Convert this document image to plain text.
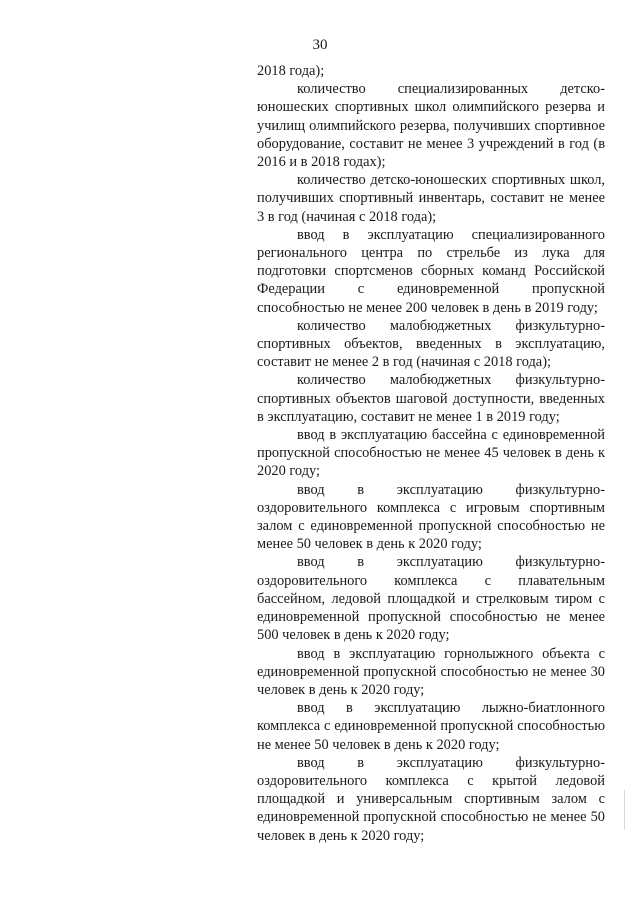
30

2018 года);

количество специализированных детско-юношеских спортивных школ олимпийского резерва и училищ олимпийского резерва, получивших спортивное оборудование, составит не менее 3 учреждений в год (в 2016 и в 2018 годах);

количество детско-юношеских спортивных школ, получивших спортивный инвентарь, составит не менее 3 в год (начиная с 2018 года);

ввод в эксплуатацию специализированного регионального центра по стрельбе из лука для подготовки спортсменов сборных команд Российской Федерации с единовременной пропускной способностью не менее 200 человек в день в 2019 году;

количество малобюджетных физкультурно-спортивных объектов, введенных в эксплуатацию, составит не менее 2 в год (начиная с 2018 года);

количество малобюджетных физкультурно-спортивных объектов шаговой доступности, введенных в эксплуатацию, составит не менее 1 в 2019 году;

ввод в эксплуатацию бассейна с единовременной пропускной способностью не менее 45 человек в день к 2020 году;

ввод в эксплуатацию физкультурно-оздоровительного комплекса с игровым спортивным залом с единовременной пропускной способностью не менее 50 человек в день к 2020 году;

ввод в эксплуатацию физкультурно-оздоровительного комплекса с плавательным бассейном, ледовой площадкой и стрелковым тиром с единовременной пропускной способностью не менее 500 человек в день к 2020 году;

ввод в эксплуатацию горнолыжного объекта с единовременной пропускной способностью не менее 30 человек в день к 2020 году;

ввод в эксплуатацию лыжно-биатлонного комплекса с единовременной пропускной способностью не менее 50 человек в день к 2020 году;

ввод в эксплуатацию физкультурно-оздоровительного комплекса с крытой ледовой площадкой и универсальным спортивным залом с единовременной пропускной способностью не менее 50 человек в день к 2020 году;
